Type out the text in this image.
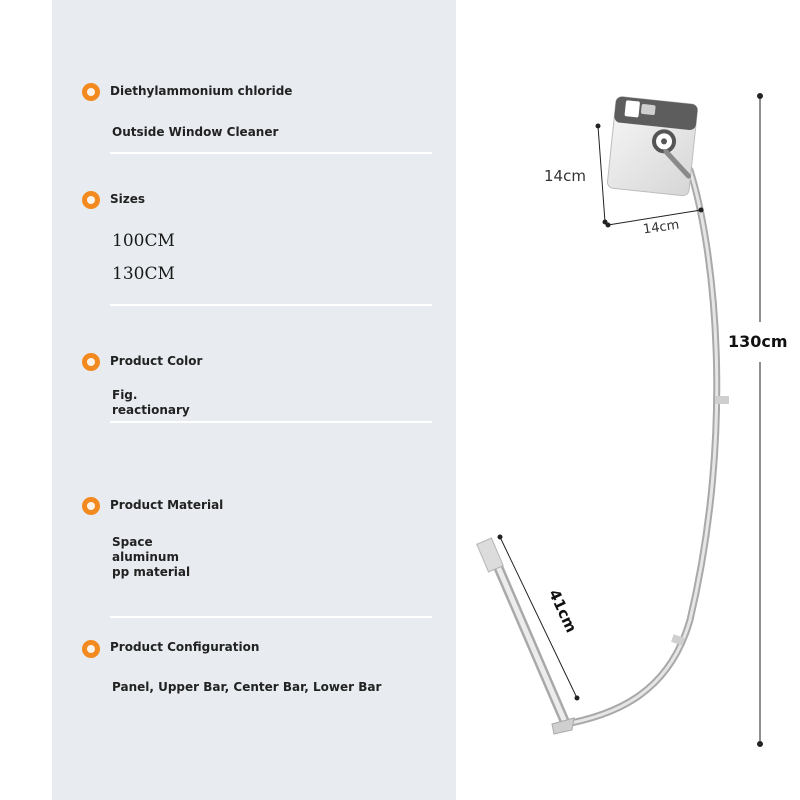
Diethylammonium chloride
Outside Window Cleaner
Sizes
100CM
130CM
Product Color
Fig.
reactionary
Product Material
Space
aluminum
pp material
Product Configuration
Panel, Upper Bar, Center Bar, Lower Bar
14cm
14cm
130cm
41cm
